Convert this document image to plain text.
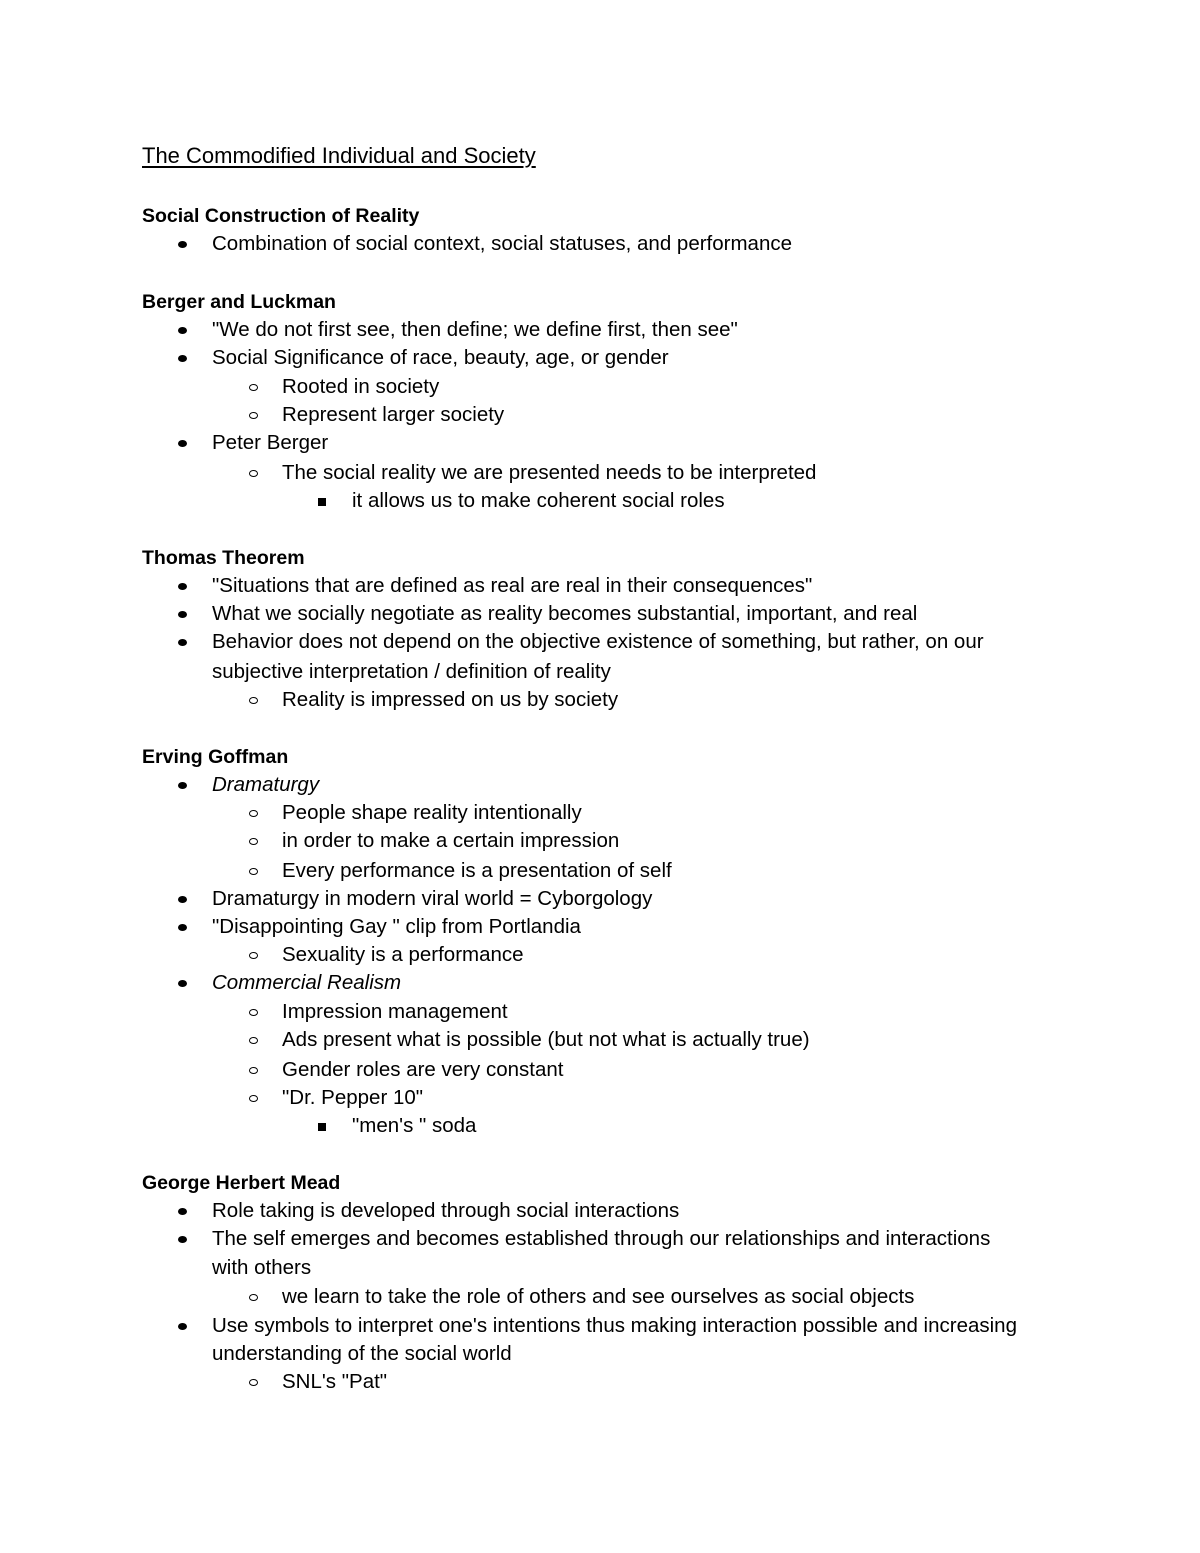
The Commodified Individual and Society
Social Construction of Reality
Combination of social context, social statuses, and performance
Berger and Luckman
"We do not first see, then define; we define first, then see"
Social Significance of race, beauty, age, or gender
Rooted in society
Represent larger society
Peter Berger
The social reality we are presented needs to be interpreted
it allows us to make coherent social roles
Thomas Theorem
"Situations that are defined as real are real in their consequences"
What we socially negotiate as reality becomes substantial, important, and real
Behavior does not depend on the objective existence of something, but rather, on our
subjective interpretation / definition of reality
Reality is impressed on us by society
Erving Goffman
Dramaturgy
People shape reality intentionally
in order to make a certain impression
Every performance is a presentation of self
Dramaturgy in modern viral world = Cyborgology
"Disappointing Gay " clip from Portlandia
Sexuality is a performance
Commercial Realism
Impression management
Ads present what is possible (but not what is actually true)
Gender roles are very constant
"Dr. Pepper 10"
"men's " soda
George Herbert Mead
Role taking is developed through social interactions
The self emerges and becomes established through our relationships and interactions
with others
we learn to take the role of others and see ourselves as social objects
Use symbols to interpret one's intentions thus making interaction possible and increasing
understanding of the social world
SNL's "Pat"
